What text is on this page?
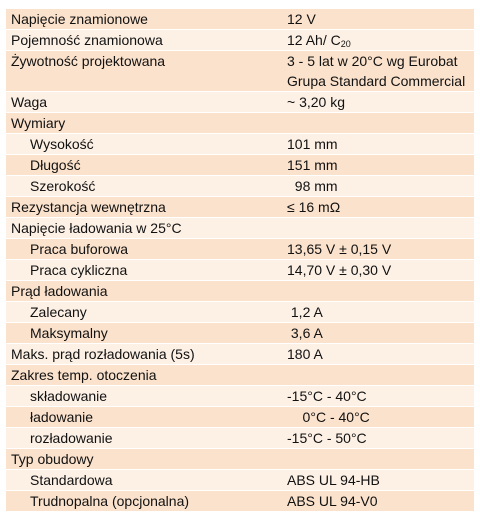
Napięcie znamionowe	12 V
Pojemność znamionowa	12 Ah/ $C_{20}$
Żywotność projektowana	3 - 5 lat w 20°C wg Eurobat
Grupa Standard Commercial

Waga	~ 3,20 kg
Wymiary	
Wysokość	101 mm
Długość	151 mm
Szerokość	98 mm
Rezystancja wewnętrzna	≤ 16 mΩ
Napięcie ładowania w 25°C	
Praca buforowa	13,65 V ± 0,15 V
Praca cykliczna	14,70 V ± 0,30 V
Prąd ładowania	
Zalecany	1,2 A
Maksymalny	3,6 A
Maks. prąd rozładowania (5s)	180 A
Zakres temp. otoczenia	
składowanie	-15°C - 40°C
ładowanie	0°C - 40°C
rozładowanie	-15°C - 50°C
Typ obudowy	
Standardowa	ABS UL 94-HB
Trudnopalna (opcjonalna)	ABS UL 94-V0
